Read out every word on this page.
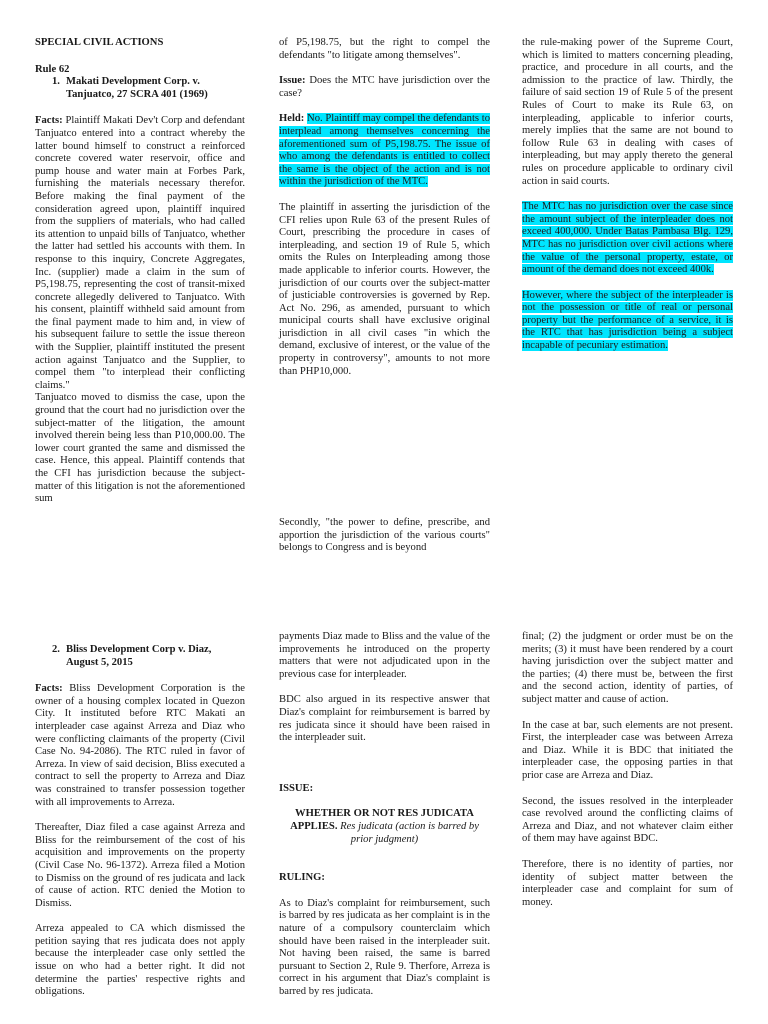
SPECIAL CIVIL ACTIONS

Rule 62

1. Makati Development Corp. v. Tanjuatco, 27 SCRA 401 (1969)

Facts: Plaintiff Makati Dev't Corp and defendant Tanjuatco entered into a contract whereby the latter bound himself to construct a reinforced concrete covered water reservoir, office and pump house and water main at Forbes Park, furnishing the materials necessary therefor. Before making the final payment of the consideration agreed upon, plaintiff inquired from the suppliers of materials, who had called its attention to unpaid bills of Tanjuatco, whether the latter had settled his accounts with them. In response to this inquiry, Concrete Aggregates, Inc. (supplier) made a claim in the sum of P5,198.75, representing the cost of transit-mixed concrete allegedly delivered to Tanjuatco. With his consent, plaintiff withheld said amount from the final payment made to him and, in view of his subsequent failure to settle the issue thereon with the Supplier, plaintiff instituted the present action against Tanjuatco and the Supplier, to compel them "to interplead their conflicting claims."

Tanjuatco moved to dismiss the case, upon the ground that the court had no jurisdiction over the subject-matter of the litigation, the amount involved therein being less than P10,000.00. The lower court granted the same and dismissed the case. Hence, this appeal. Plaintiff contends that the CFI has jurisdiction because the subject-matter of this litigation is not the aforementioned sum

of P5,198.75, but the right to compel the defendants "to litigate among themselves".

Issue: Does the MTC have jurisdiction over the case?

Held: No. Plaintiff may compel the defendants to interplead among themselves concerning the aforementioned sum of P5,198.75. The issue of who among the defendants is entitled to collect the same is the object of the action and is not within the jurisdiction of the MTC.

The plaintiff in asserting the jurisdiction of the CFI relies upon Rule 63 of the present Rules of Court, prescribing the procedure in cases of interpleading, and section 19 of Rule 5, which omits the Rules on Interpleading among those made applicable to inferior courts. However, the jurisdiction of our courts over the subject-matter of justiciable controversies is governed by Rep. Act No. 296, as amended, pursuant to which municipal courts shall have exclusive original jurisdiction in all civil cases "in which the demand, exclusive of interest, or the value of the property in controversy", amounts to not more than PHP10,000.

Secondly, "the power to define, prescribe, and apportion the jurisdiction of the various courts" belongs to Congress and is beyond

the rule-making power of the Supreme Court, which is limited to matters concerning pleading, practice, and procedure in all courts, and the admission to the practice of law. Thirdly, the failure of said section 19 of Rule 5 of the present Rules of Court to make its Rule 63, on interpleading, applicable to inferior courts, merely implies that the same are not bound to follow Rule 63 in dealing with cases of interpleading, but may apply thereto the general rules on procedure applicable to ordinary civil action in said courts.

The MTC has no jurisdiction over the case since the amount subject of the interpleader does not exceed 400,000. Under Batas Pambasa Blg. 129, MTC has no jurisdiction over civil actions where the value of the personal property, estate, or amount of the demand does not exceed 400k.

However, where the subject of the interpleader is not the possession or title of real or personal property but the performance of a service, it is the RTC that has jurisdiction being a subject incapable of pecuniary estimation.

2. Bliss Development Corp v. Diaz, August 5, 2015

Facts: Bliss Development Corporation is the owner of a housing complex located in Quezon City. It instituted before RTC Makati an interpleader case against Arreza and Diaz who were conflicting claimants of the property (Civil Case No. 94-2086). The RTC ruled in favor of Arreza. In view of said decision, Bliss executed a contract to sell the property to Arreza and Diaz was constrained to transfer possession together with all improvements to Arreza.

Thereafter, Diaz filed a case against Arreza and Bliss for the reimbursement of the cost of his acquisition and improvements on the property (Civil Case No. 96-1372). Arreza filed a Motion to Dismiss on the ground of res judicata and lack of cause of action. RTC denied the Motion to Dismiss.

Arreza appealed to CA which dismissed the petition saying that res judicata does not apply because the interpleader case only settled the issue on who had a better right. It did not determine the parties' respective rights and obligations.

payments Diaz made to Bliss and the value of the improvements he introduced on the property matters that were not adjudicated upon in the previous case for interpleader.

BDC also argued in its respective answer that Diaz's complaint for reimbursement is barred by res judicata since it should have been raised in the interpleader suit.

ISSUE:

WHETHER OR NOT RES JUDICATA APPLIES. Res judicata (action is barred by prior judgment)

RULING:

As to Diaz's complaint for reimbursement, such is barred by res judicata as her complaint is in the nature of a compulsory counterclaim which should have been raised in the interpleader suit. Not having been raised, the same is barred pursuant to Section 2, Rule 9. Therfore, Arreza is correct in his argument that Diaz's complaint is barred by res judicata.

final; (2) the judgment or order must be on the merits; (3) it must have been rendered by a court having jurisdiction over the subject matter and the parties; (4) there must be, between the first and the second action, identity of parties, of subject matter and cause of action.

In the case at bar, such elements are not present. First, the interpleader case was between Arreza and Diaz. While it is BDC that initiated the interpleader case, the opposing parties in that prior case are Arreza and Diaz.

Second, the issues resolved in the interpleader case revolved around the conflicting claims of Arreza and Diaz, and not whatever claim either of them may have against BDC.

Therefore, there is no identity of parties, nor identity of subject matter between the interpleader case and complaint for sum of money.
